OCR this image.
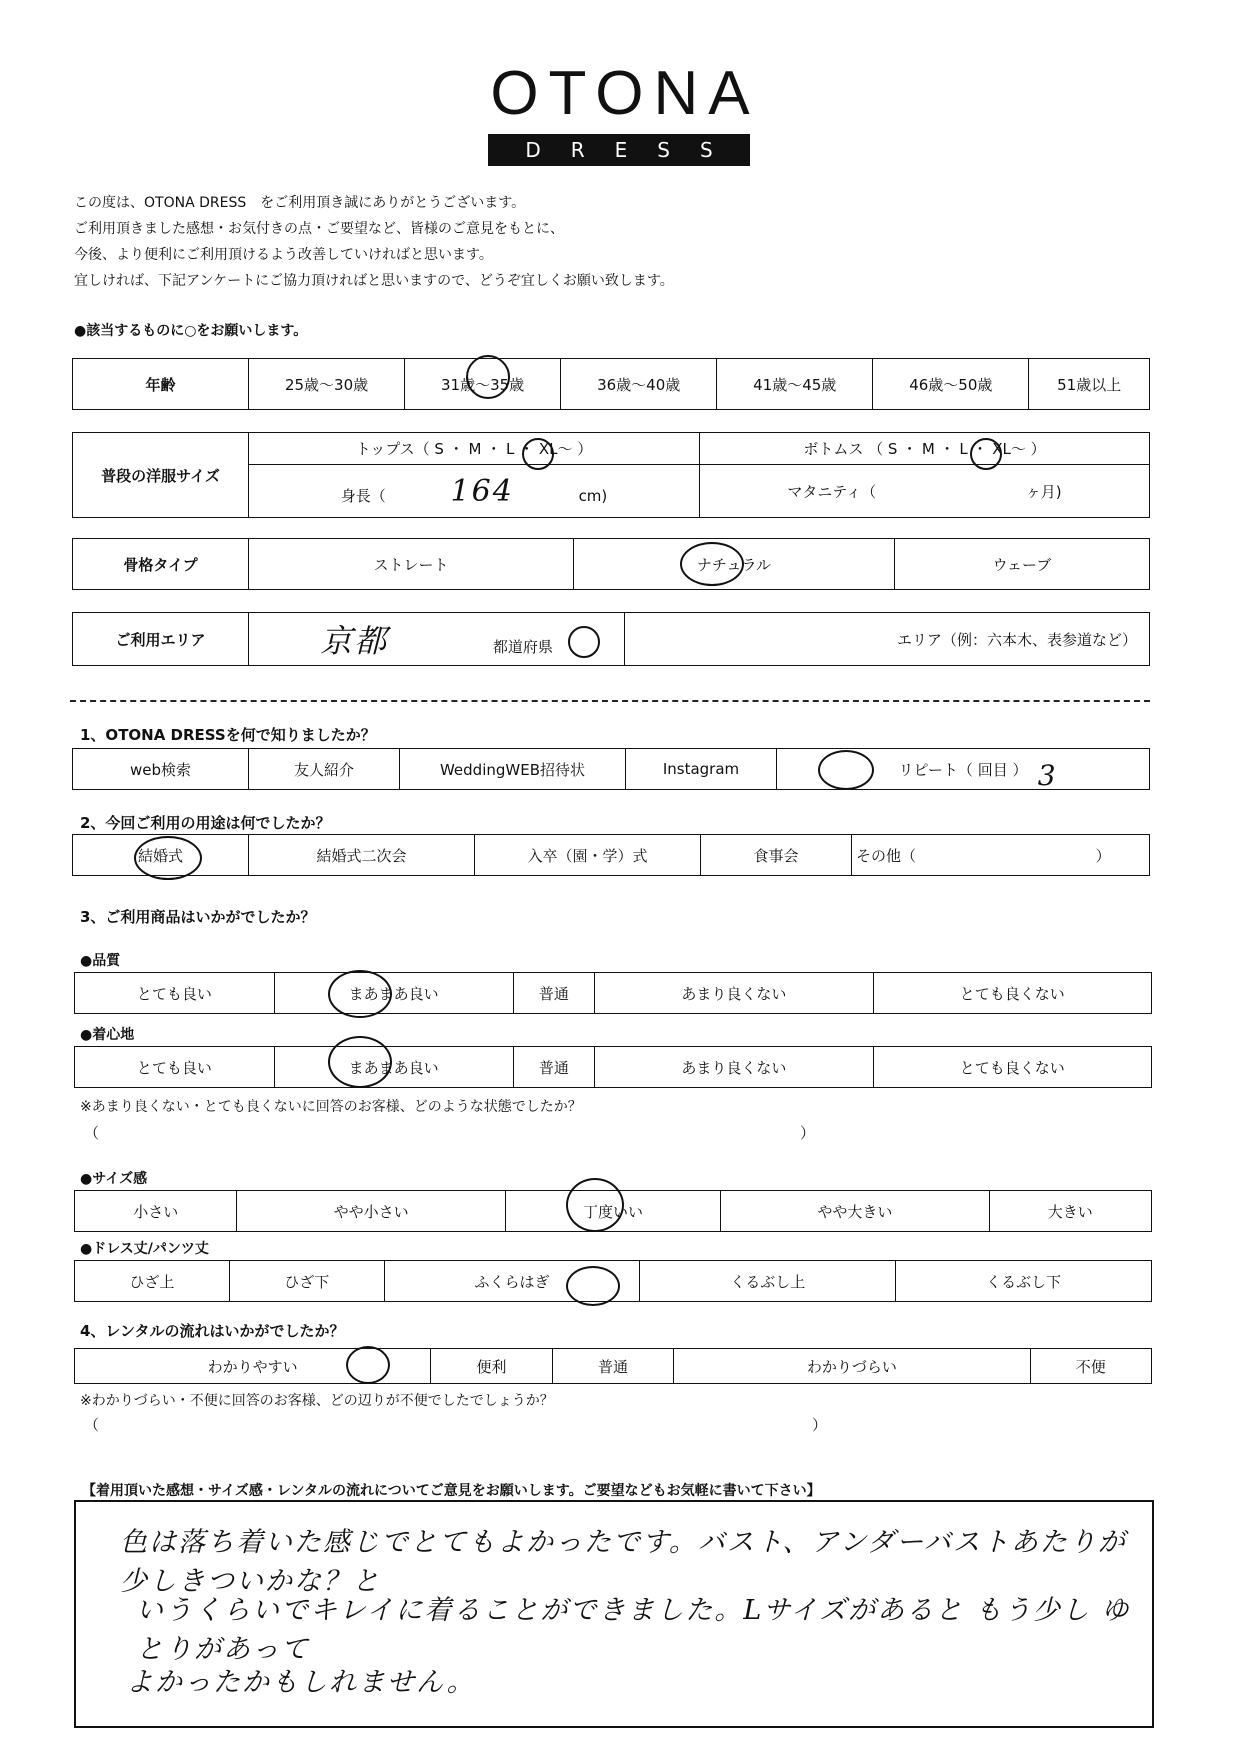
OTONA
DRESS
この度は、OTONA DRESS　をご利用頂き誠にありがとうございます。
ご利用頂きました感想・お気付きの点・ご要望など、皆様のご意見をもとに、
今後、より便利にご利用頂けるよう改善していければと思います。
宜しければ、下記アンケートにご協力頂ければと思いますので、どうぞ宜しくお願い致します。
●該当するものに○をお願いします。
年齢	25歳～30歳	31歳～35歳	36歳～40歳	41歳～45歳	46歳～50歳	51歳以上
普段の洋服サイズ	トップス（ S ・ M ・ L ・ XL～ ）	ボトムス （ S ・ M ・ L ・ XL～ ）
	身長（ 164 cm)	マタニティ（ ヶ月)
骨格タイプ	ストレート	ナチュラル	ウェーブ
ご利用エリア	京都	都道府県	エリア（例：六本木、表参道など）
1、OTONA DRESSを何で知りましたか？
web検索	友人紹介	WeddingWEB招待状	Instagram	リピート（ 3
回目 ）
2、今回ご利用の用途は何でしたか？
結婚式	結婚式二次会	入卒（園・学）式	食事会	その他（	）
3、ご利用商品はいかがでしたか？
●品質
とても良い	まあまあ良い	普通	あまり良くない	とても良くない
●着心地
とても良い	まあまあ良い	普通	あまり良くない	とても良くない
※あまり良くない・とても良くないに回答のお客様、どのような状態でしたか？
（	）
●サイズ感
小さい	やや小さい	丁度いい	やや大きい	大きい
●ドレス丈/パンツ丈
ひざ上	ひざ下	ふくらはぎ	くるぶし上	くるぶし下
4、レンタルの流れはいかがでしたか？
わかりやすい	便利	普通	わかりづらい	不便
※わかりづらい・不便に回答のお客様、どの辺りが不便でしたでしょうか？
（	）
【着用頂いた感想・サイズ感・レンタルの流れについてご意見をお願いします。ご要望などもお気軽に書いて下さい】
色は落ち着いた感じでとてもよかったです。バスト、アンダーバストあたりが少しきついかな？と
いうくらいでキレイに着ることができました。Lサイズがあると もう少し ゆとりがあって
よかったかもしれません。
